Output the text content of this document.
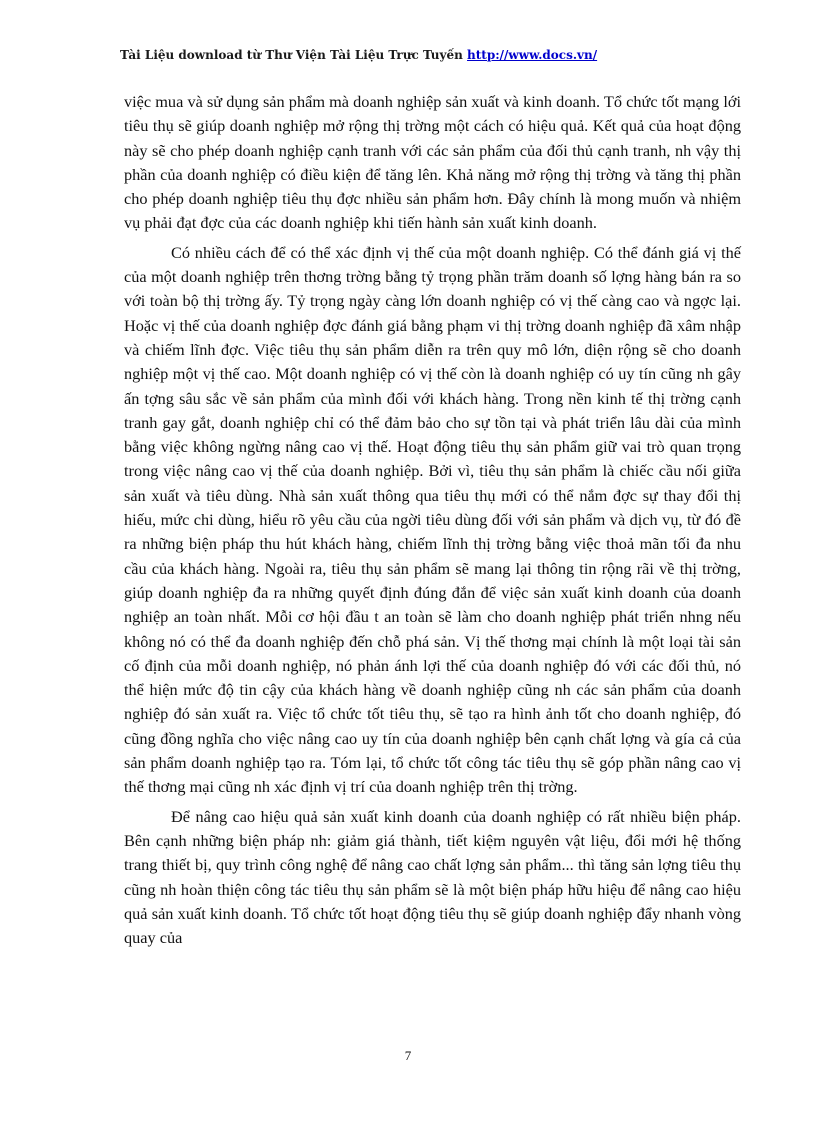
Tài Liệu download từ Thư Viện Tài Liệu Trực Tuyến http://www.docs.vn/

việc mua và sử dụng sản phẩm mà doanh nghiệp sản xuất và kinh doanh. Tổ chức tốt mạng lới tiêu thụ sẽ giúp doanh nghiệp mở rộng thị trờng một cách có hiệu quả. Kết quả của hoạt động này sẽ cho phép doanh nghiệp cạnh tranh với các sản phẩm của đối thủ cạnh tranh, nh vậy thị phần của doanh nghiệp có điều kiện để tăng lên. Khả năng mở rộng thị trờng và tăng thị phần cho phép doanh nghiệp tiêu thụ đợc nhiều sản phẩm hơn. Đây chính là mong muốn và nhiệm vụ phải đạt đợc của các doanh nghiệp khi tiến hành sản xuất kinh doanh.

Có nhiều cách để có thể xác định vị thế của một doanh nghiệp. Có thể đánh giá vị thế của một doanh nghiệp trên thơng trờng bằng tỷ trọng phần trăm doanh số lợng hàng bán ra so với toàn bộ thị trờng ấy. Tỷ trọng ngày càng lớn doanh nghiệp có vị thế càng cao và ngợc lại. Hoặc vị thế của doanh nghiệp đợc đánh giá bằng phạm vi thị trờng doanh nghiệp đã xâm nhập và chiếm lĩnh đợc. Việc tiêu thụ sản phẩm diễn ra trên quy mô lớn, diện rộng sẽ cho doanh nghiệp một vị thế cao. Một doanh nghiệp có vị thế còn là doanh nghiệp có uy tín cũng nh gây ấn tợng sâu sắc về sản phẩm của mình đối với khách hàng. Trong nền kinh tế thị trờng cạnh tranh gay gắt, doanh nghiệp chỉ có thể đảm bảo cho sự tồn tại và phát triển lâu dài của mình bằng việc không ngừng nâng cao vị thế. Hoạt động tiêu thụ sản phẩm giữ vai trò quan trọng trong việc nâng cao vị thế của doanh nghiệp. Bởi vì, tiêu thụ sản phẩm là chiếc cầu nối giữa sản xuất và tiêu dùng. Nhà sản xuất thông qua tiêu thụ mới có thể nắm đợc sự thay đổi thị hiếu, mức chi dùng, hiểu rõ yêu cầu của ngời tiêu dùng đối với sản phẩm và dịch vụ, từ đó đề ra những biện pháp thu hút khách hàng, chiếm lĩnh thị trờng bằng việc thoả mãn tối đa nhu cầu của khách hàng. Ngoài ra, tiêu thụ sản phẩm sẽ mang lại thông tin rộng rãi về thị trờng, giúp doanh nghiệp đa ra những quyết định đúng đắn để việc sản xuất kinh doanh của doanh nghiệp an toàn nhất. Mỗi cơ hội đầu t an toàn sẽ làm cho doanh nghiệp phát triển nhng nếu không nó có thể đa doanh nghiệp đến chỗ phá sản. Vị thế thơng mại chính là một loại tài sản cố định của mỗi doanh nghiệp, nó phản ánh lợi thế của doanh nghiệp đó với các đối thủ, nó thể hiện mức độ tin cậy của khách hàng về doanh nghiệp cũng nh các sản phẩm của doanh nghiệp đó sản xuất ra. Việc tổ chức tốt tiêu thụ, sẽ tạo ra hình ảnh tốt cho doanh nghiệp, đó cũng đồng nghĩa cho việc nâng cao uy tín của doanh nghiệp bên cạnh chất lợng và gía cả của sản phẩm doanh nghiệp tạo ra. Tóm lại, tổ chức tốt công tác tiêu thụ sẽ góp phần nâng cao vị thế thơng mại cũng nh xác định vị trí của doanh nghiệp trên thị trờng.

Để nâng cao hiệu quả sản xuất kinh doanh của doanh nghiệp có rất nhiều biện pháp. Bên cạnh những biện pháp nh: giảm giá thành, tiết kiệm nguyên vật liệu, đổi mới hệ thống trang thiết bị, quy trình công nghệ để nâng cao chất lợng sản phẩm... thì tăng sản lợng tiêu thụ cũng nh hoàn thiện công tác tiêu thụ sản phẩm sẽ là một biện pháp hữu hiệu để nâng cao hiệu quả sản xuất kinh doanh. Tổ chức tốt hoạt động tiêu thụ sẽ giúp doanh nghiệp đẩy nhanh vòng quay của

7
